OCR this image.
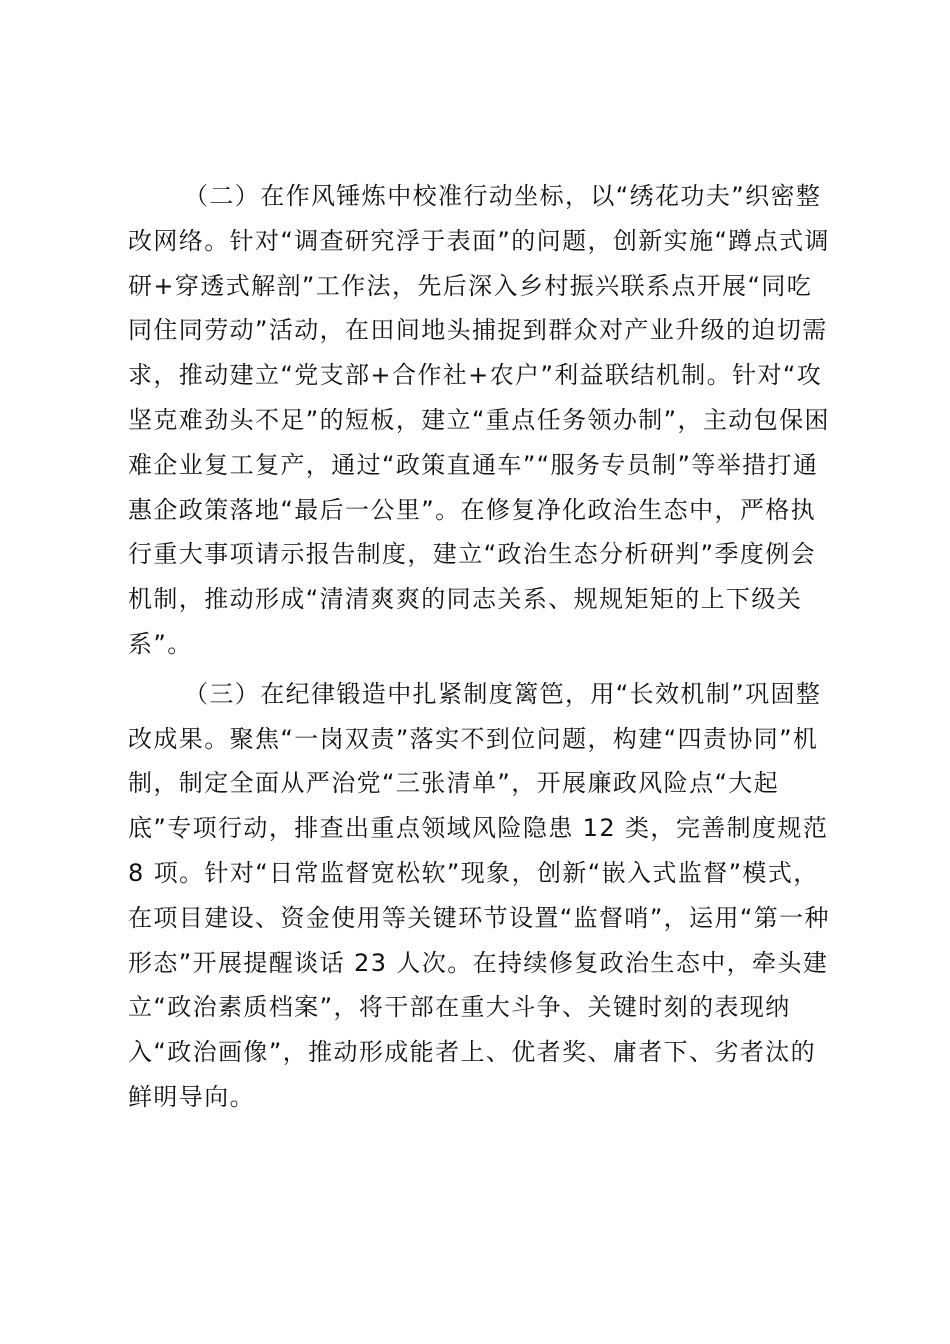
（二）在作风锤炼中校准行动坐标，以“绣花功夫”织密整
改网络。针对“调查研究浮于表面”的问题，创新实施“蹲点式调
研+穿透式解剖”工作法，先后深入乡村振兴联系点开展“同吃
同住同劳动”活动，在田间地头捕捉到群众对产业升级的迫切需
求，推动建立“党支部+合作社+农户”利益联结机制。针对“攻
坚克难劲头不足”的短板，建立“重点任务领办制”，主动包保困
难企业复工复产，通过“政策直通车”“服务专员制”等举措打通
惠企政策落地“最后一公里”。在修复净化政治生态中，严格执
行重大事项请示报告制度，建立“政治生态分析研判”季度例会
机制，推动形成“清清爽爽的同志关系、规规矩矩的上下级关
系”。
（三）在纪律锻造中扎紧制度篱笆，用“长效机制”巩固整
改成果。聚焦“一岗双责”落实不到位问题，构建“四责协同”机
制，制定全面从严治党“三张清单”，开展廉政风险点“大起
底”专项行动，排查出重点领域风险隐患 12 类，完善制度规范
8 项。针对“日常监督宽松软”现象，创新“嵌入式监督”模式，
在项目建设、资金使用等关键环节设置“监督哨”，运用“第一种
形态”开展提醒谈话 23 人次。在持续修复政治生态中，牵头建
立“政治素质档案”，将干部在重大斗争、关键时刻的表现纳
入“政治画像”，推动形成能者上、优者奖、庸者下、劣者汰的
鲜明导向。
